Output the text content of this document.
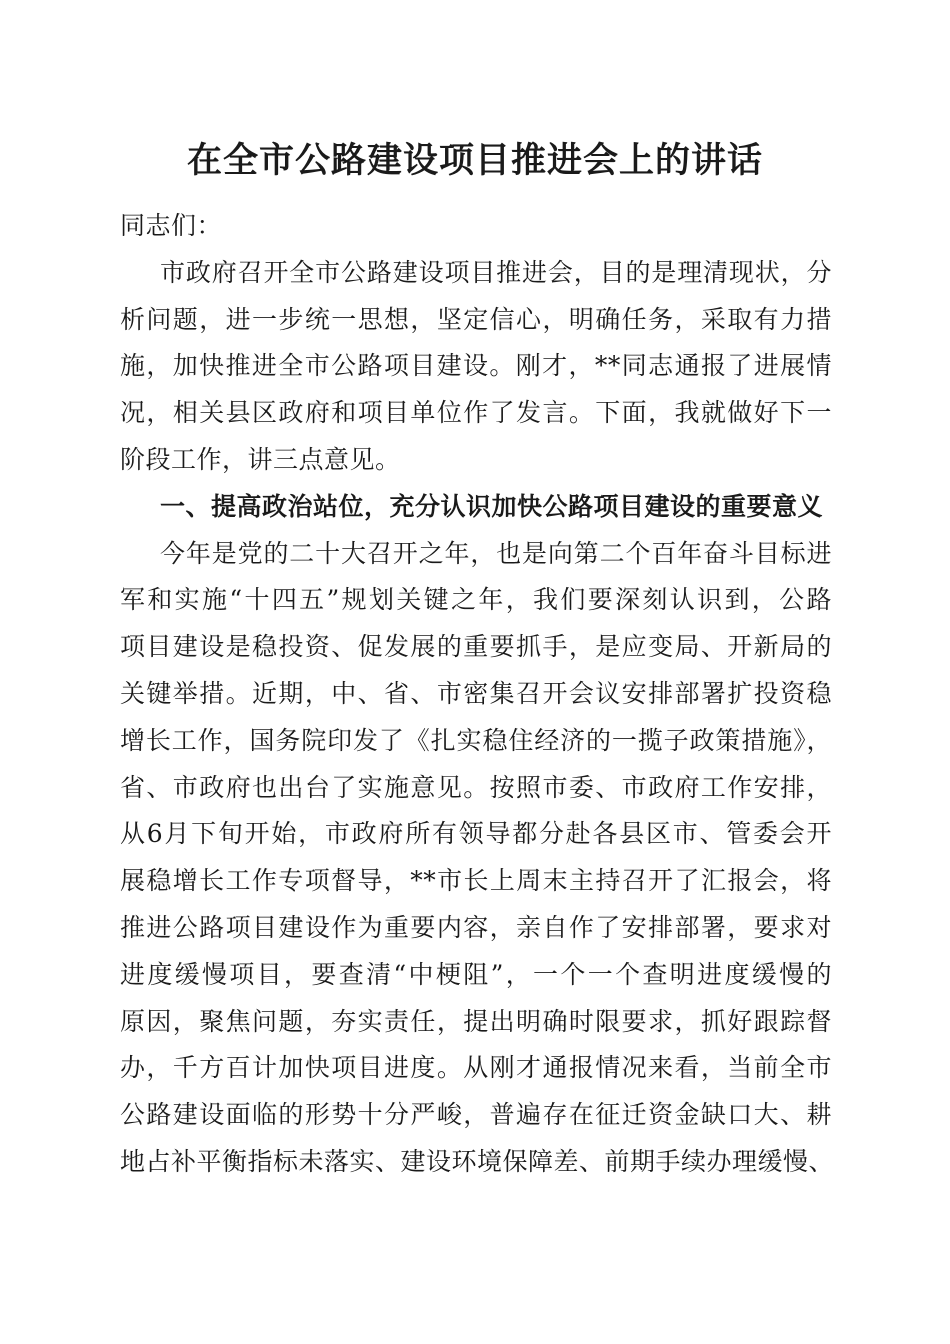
在全市公路建设项目推进会上的讲话
同志们：
市政府召开全市公路建设项目推进会，目的是理清现状，分
析问题，进一步统一思想，坚定信心，明确任务，采取有力措
施，加快推进全市公路项目建设。刚才，**同志通报了进展情
况，相关县区政府和项目单位作了发言。下面，我就做好下一
阶段工作，讲三点意见。
一、提高政治站位，充分认识加快公路项目建设的重要意义
今年是党的二十大召开之年，也是向第二个百年奋斗目标进
军和实施“十四五”规划关键之年，我们要深刻认识到，公路
项目建设是稳投资、促发展的重要抓手，是应变局、开新局的
关键举措。近期，中、省、市密集召开会议安排部署扩投资稳
增长工作，国务院印发了《扎实稳住经济的一揽子政策措施》，
省、市政府也出台了实施意见。按照市委、市政府工作安排，
从6月下旬开始，市政府所有领导都分赴各县区市、管委会开
展稳增长工作专项督导，**市长上周末主持召开了汇报会，将
推进公路项目建设作为重要内容，亲自作了安排部署，要求对
进度缓慢项目，要查清“中梗阻”，一个一个查明进度缓慢的
原因，聚焦问题，夯实责任，提出明确时限要求，抓好跟踪督
办，千方百计加快项目进度。从刚才通报情况来看，当前全市
公路建设面临的形势十分严峻，普遍存在征迁资金缺口大、耕
地占补平衡指标未落实、建设环境保障差、前期手续办理缓慢、
